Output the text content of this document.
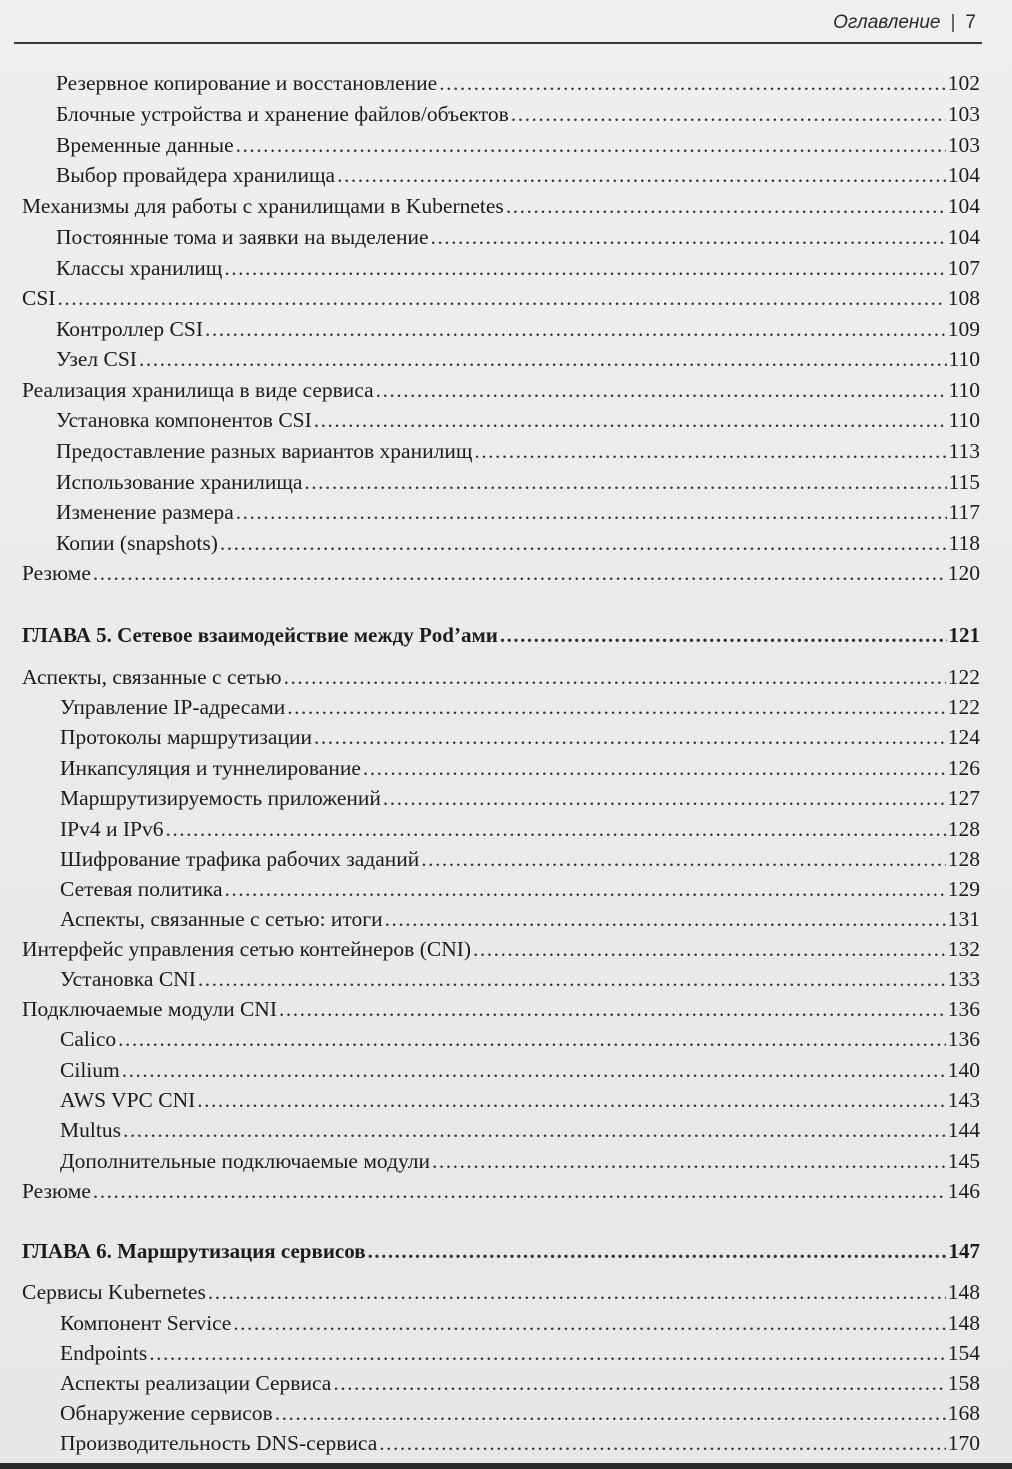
Оглавление | 7
Резервное копирование и восстановление .....	102
Блочные устройства и хранение файлов/объектов .....	103
Временные данные .....	103
Выбор провайдера хранилища .....	104
Механизмы для работы с хранилищами в Kubernetes .....	104
Постоянные тома и заявки на выделение .....	104
Классы хранилищ .....	107
CSI .....	108
Контроллер CSI .....	109
Узел CSI .....	110
Реализация хранилища в виде сервиса .....	110
Установка компонентов CSI .....	110
Предоставление разных вариантов хранилищ .....	113
Использование хранилища .....	115
Изменение размера .....	117
Копии (snapshots) .....	118
Резюме .....	120
ГЛАВА 5. Сетевое взаимодействие между Pod’ами .....	121
Аспекты, связанные с сетью .....	122
Управление IP-адресами .....	122
Протоколы маршрутизации .....	124
Инкапсуляция и туннелирование .....	126
Маршрутизируемость приложений .....	127
IPv4 и IPv6 .....	128
Шифрование трафика рабочих заданий .....	128
Сетевая политика .....	129
Аспекты, связанные с сетью: итоги .....	131
Интерфейс управления сетью контейнеров (CNI) .....	132
Установка CNI .....	133
Подключаемые модули CNI .....	136
Calico .....	136
Cilium .....	140
AWS VPC CNI .....	143
Multus .....	144
Дополнительные подключаемые модули .....	145
Резюме .....	146
ГЛАВА 6. Маршрутизация сервисов .....	147
Сервисы Kubernetes .....	148
Компонент Service .....	148
Endpoints .....	154
Аспекты реализации Сервиса .....	158
Обнаружение сервисов .....	168
Производительность DNS-сервиса .....	170
